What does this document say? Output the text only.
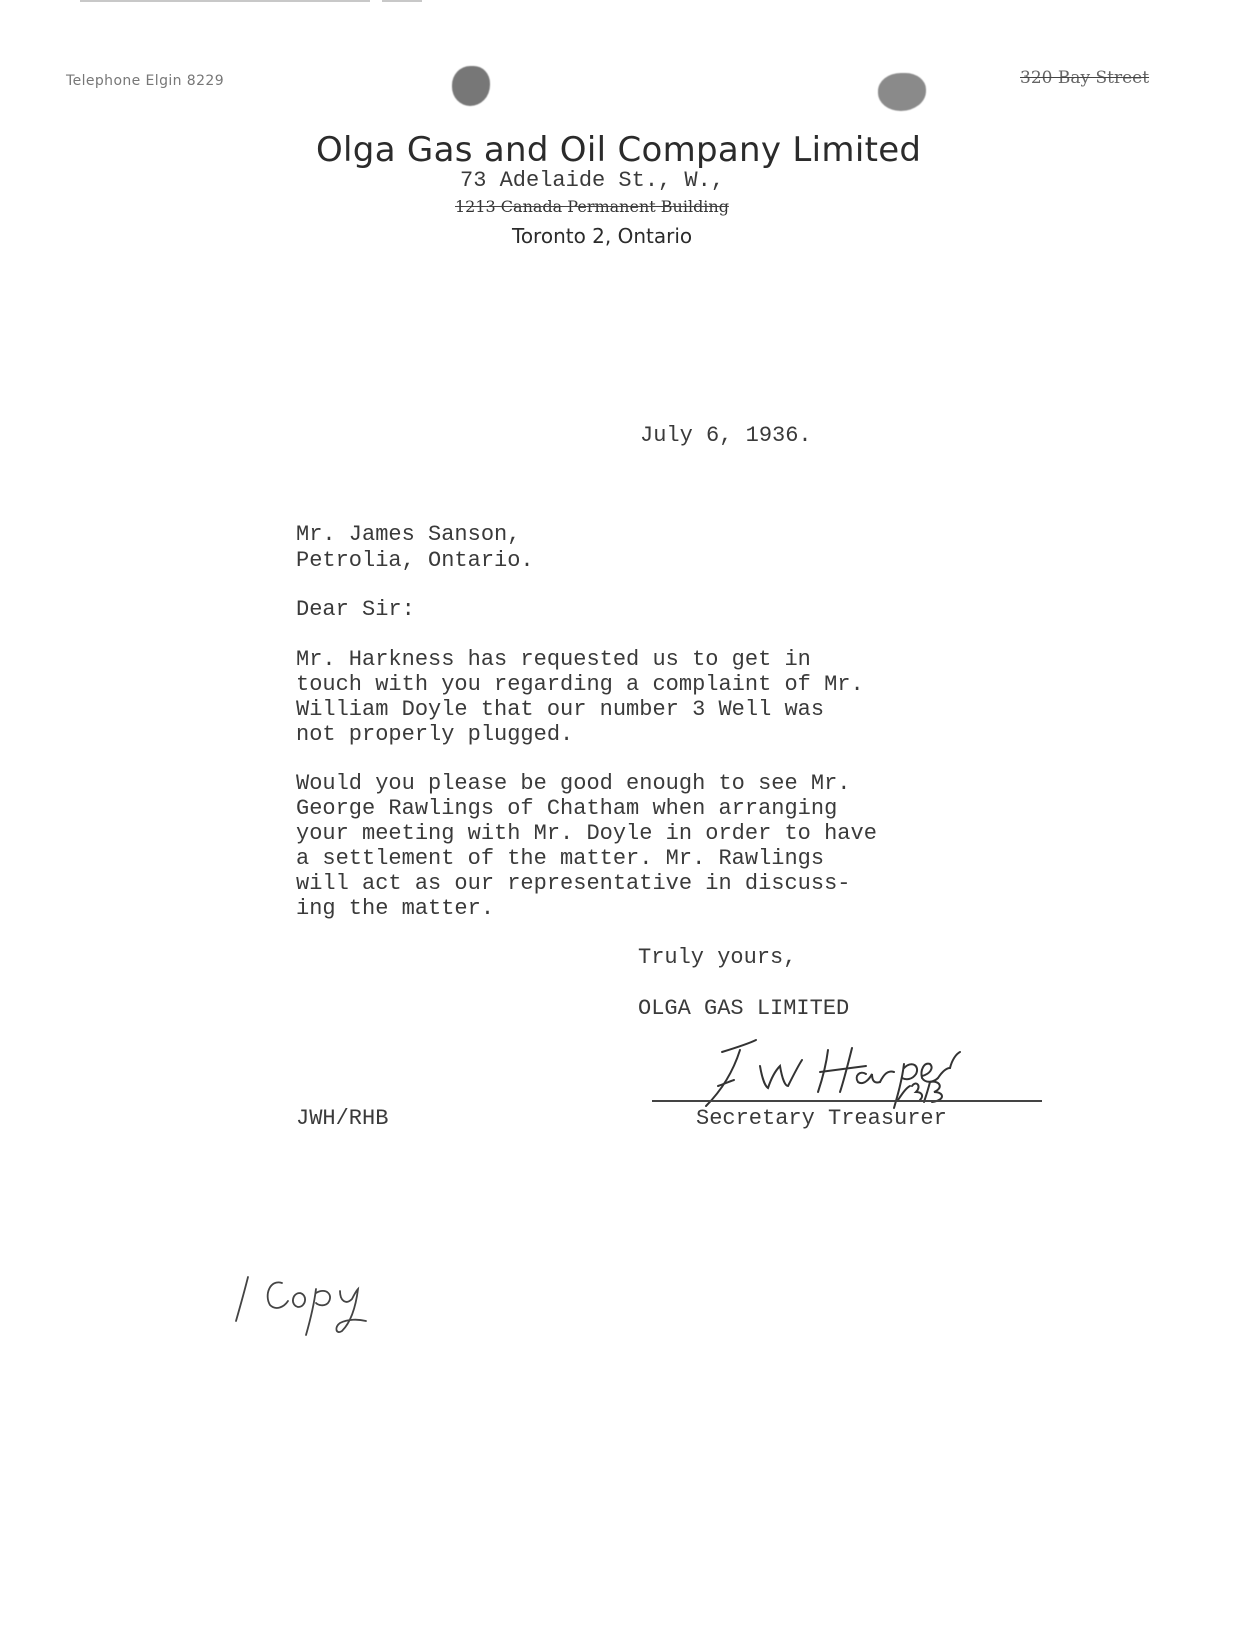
Telephone Elgin 8229	320 Bay Street
Olga Gas and Oil Company Limited
73 Adelaide St., W.,
1213 Canada Permanent Building
Toronto 2, Ontario
July 6, 1936.
Mr. James Sanson,
Petrolia, Ontario.
Dear Sir:
Mr. Harkness has requested us to get in
touch with you regarding a complaint of Mr.
William Doyle that our number 3 Well was
not properly plugged.
Would you please be good enough to see Mr.
George Rawlings of Chatham when arranging
your meeting with Mr. Doyle in order to have
a settlement of the matter. Mr. Rawlings
will act as our representative in discuss-
ing the matter.
Truly yours,
OLGA GAS LIMITED
Secretary Treasurer
JWH/RHB
